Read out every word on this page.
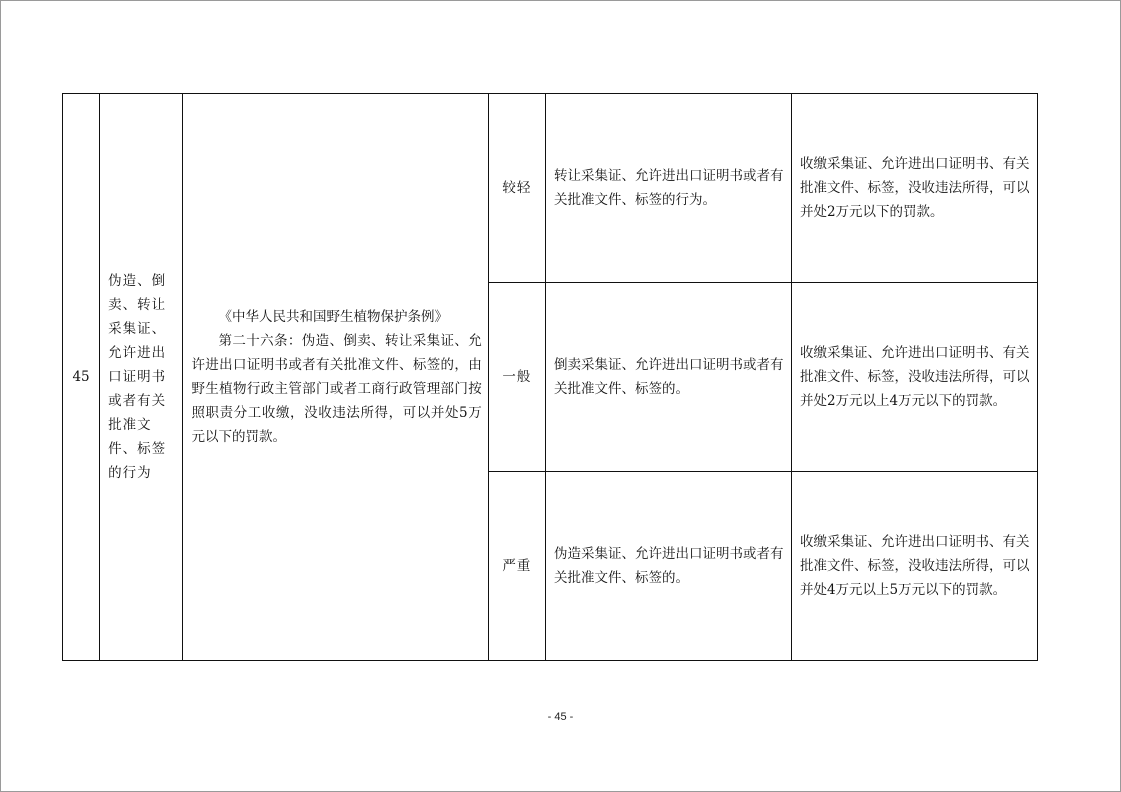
45	伪造、倒卖、转让采集证、允许进出口证明书或者有关批准文件、标签的行为	《中华人民共和国野生植物保护条例》
第二十六条：伪造、倒卖、转让采集证、允许进出口证明书或者有关批准文件、标签的，由野生植物行政主管部门或者工商行政管理部门按照职责分工收缴，没收违法所得，可以并处5万元以下的罚款。	较轻	转让采集证、允许进出口证明书或者有关批准文件、标签的行为。	收缴采集证、允许进出口证明书、有关批准文件、标签，没收违法所得，可以并处2万元以下的罚款。
			一般	倒卖采集证、允许进出口证明书或者有关批准文件、标签的。	收缴采集证、允许进出口证明书、有关批准文件、标签，没收违法所得，可以并处2万元以上4万元以下的罚款。
			严重	伪造采集证、允许进出口证明书或者有关批准文件、标签的。	收缴采集证、允许进出口证明书、有关批准文件、标签，没收违法所得，可以并处4万元以上5万元以下的罚款。
- 45 -
